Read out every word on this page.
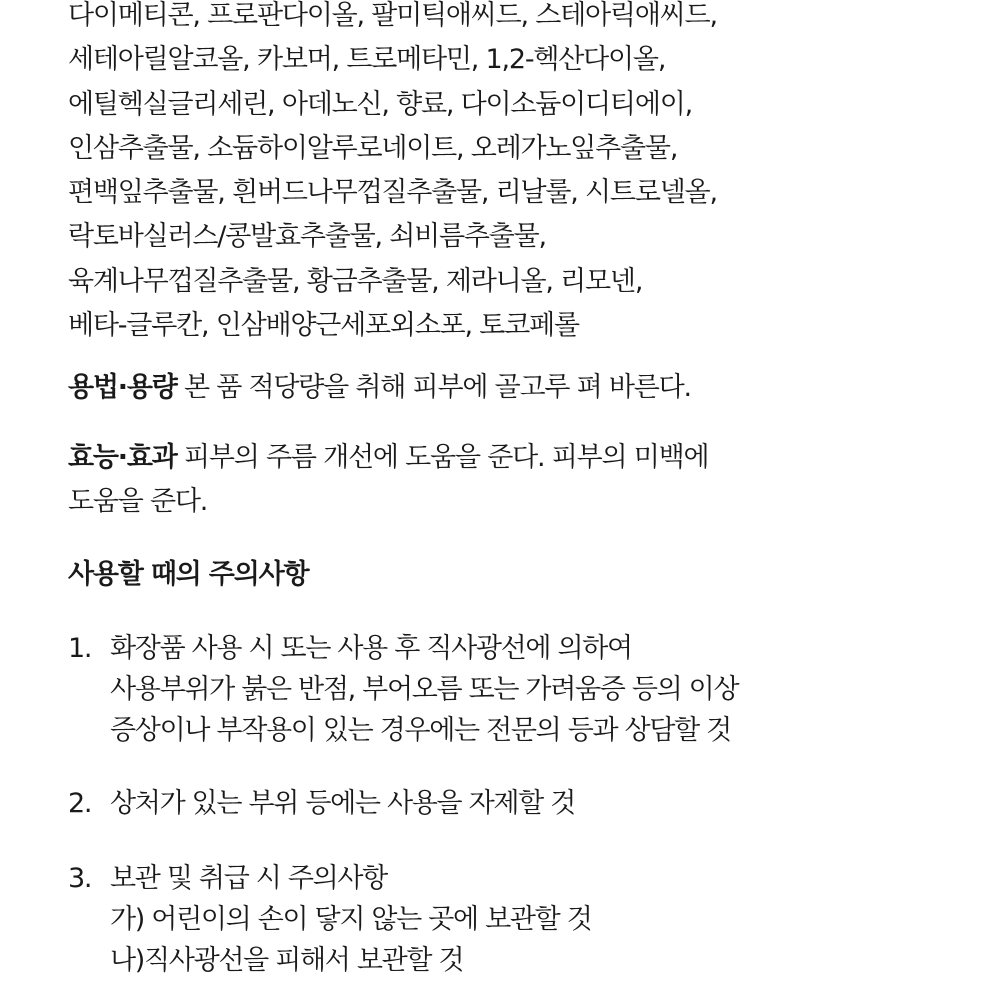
다이메티콘, 프로판다이올, 팔미틱애씨드, 스테아릭애씨드,
세테아릴알코올, 카보머, 트로메타민, 1,2-헥산다이올,
에틸헥실글리세린, 아데노신, 향료, 다이소듐이디티에이,
인삼추출물, 소듐하이알루로네이트, 오레가노잎추출물,
편백잎추출물, 흰버드나무껍질추출물, 리날룰, 시트로넬올,
락토바실러스/콩발효추출물, 쇠비름추출물,
육계나무껍질추출물, 황금추출물, 제라니올, 리모넨,
베타-글루칸, 인삼배양근세포외소포, 토코페롤

용법·용량 본 품 적당량을 취해 피부에 골고루 펴 바른다.

효능·효과 피부의 주름 개선에 도움을 준다. 피부의 미백에
도움을 준다.

사용할 때의 주의사항
1. 화장품 사용 시 또는 사용 후 직사광선에 의하여
사용부위가 붉은 반점, 부어오름 또는 가려움증 등의 이상
증상이나 부작용이 있는 경우에는 전문의 등과 상담할 것
2. 상처가 있는 부위 등에는 사용을 자제할 것
3. 보관 및 취급 시 주의사항
가) 어린이의 손이 닿지 않는 곳에 보관할 것
나)직사광선을 피해서 보관할 것
